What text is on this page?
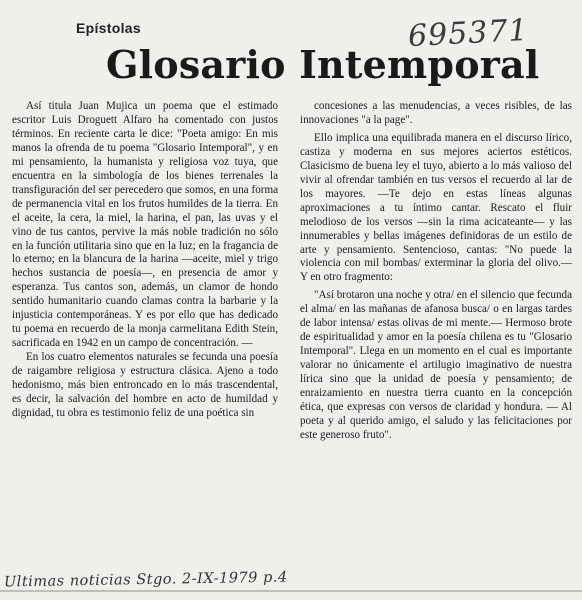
Epístolas	695371
Glosario Intemporal

Así titula Juan Mujica un poema que el estimado escritor Luis Droguett Alfaro ha comentado con justos términos. En reciente carta le dice: "Poeta amigo: En mis manos la ofrenda de tu poema "Glosario Intemporal", y en mi pensamiento, la humanista y religiosa voz tuya, que encuentra en la simbología de los bienes terrenales la transfiguración del ser perecedero que somos, en una forma de permanencia vital en los frutos humildes de la tierra. En el aceite, la cera, la miel, la harina, el pan, las uvas y el vino de tus cantos, pervive la más noble tradición no sólo en la función utilitaria sino que en la luz; en la fragancia de lo eterno; en la blancura de la harina —aceite, miel y trigo hechos sustancia de poesía—, en presencia de amor y esperanza. Tus cantos son, además, un clamor de hondo sentido humanitario cuando clamas contra la barbarie y la injusticia contemporáneas. Y es por ello que has dedicado tu poema en recuerdo de la monja carmelitana Edith Stein, sacrificada en 1942 en un campo de concentración. —

En los cuatro elementos naturales se fecunda una poesía de raigambre religiosa y estructura clásica. Ajeno a todo hedonismo, más bien entroncado en lo más trascendental, es decir, la salvación del hombre en acto de humildad y dignidad, tu obra es testimonio feliz de una poética sin

concesiones a las menudencias, a veces risibles, de las innovaciones "a la page".

Ello implica una equilibrada manera en el discurso lírico, castiza y moderna en sus mejores aciertos estéticos. Clasicismo de buena ley el tuyo, abierto a lo más valioso del vivir al ofrendar también en tus versos el recuerdo al lar de los mayores. —Te dejo en estas líneas algunas aproximaciones a tu íntimo cantar. Rescato el fluir melodioso de los versos —sin la rima acicateante— y las innumerables y bellas imágenes definidoras de un estilo de arte y pensamiento. Sentencioso, cantas: "No puede la violencia con mil bombas/ exterminar la gloria del olivo.— Y en otro fragmento:

"Así brotaron una noche y otra/ en el silencio que fecunda el alma/ en las mañanas de afanosa busca/ o en largas tardes de labor intensa/ estas olivas de mi mente.— Hermoso brote de espiritualidad y amor en la poesía chilena es tu "Glosario Intemporal". Llega en un momento en el cual es importante valorar no únicamente el artilugio imaginativo de nuestra lírica sino que la unidad de poesía y pensamiento; de enraizamiento en nuestra tierra cuanto en la concepción ética, que expresas con versos de claridad y hondura. — Al poeta y al querido amigo, el saludo y las felicitaciones por este generoso fruto".

Ultimas noticias Stgo. 2-IX-1979 p.4
